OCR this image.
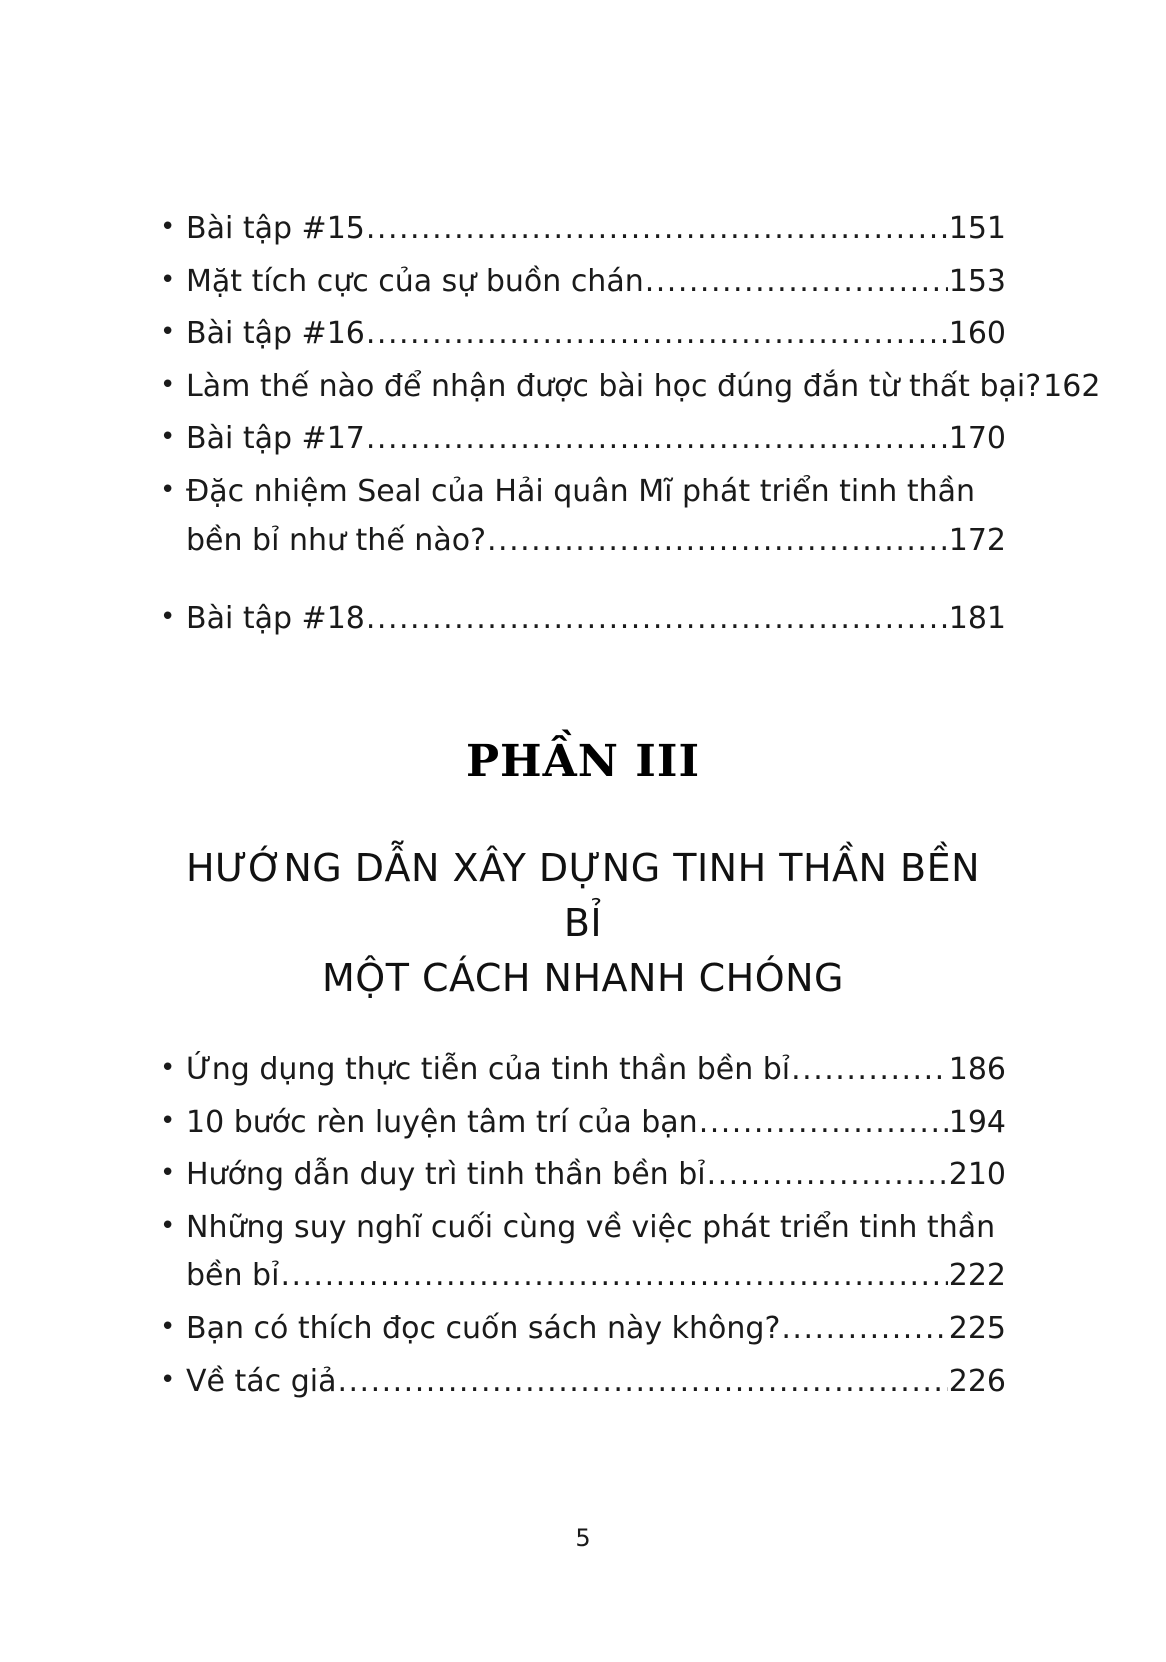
• Bài tập #15 .....	151
• Mặt tích cực của sự buồn chán .....	153
• Bài tập #16 .....	160
• Làm thế nào để nhận được bài học đúng đắn từ thất bại? 162
• Bài tập #17 .....	170
• Đặc nhiệm Seal của Hải quân Mĩ phát triển tinh thần
bền bỉ như thế nào? .....	172
• Bài tập #18 .....	181
PHẦN III
HƯỚNG DẪN XÂY DỰNG TINH THẦN BỀN BỈ
MỘT CÁCH NHANH CHÓNG
• Ứng dụng thực tiễn của tinh thần bền bỉ .....	186
• 10 bước rèn luyện tâm trí của bạn .....	194
• Hướng dẫn duy trì tinh thần bền bỉ .....	210
• Những suy nghĩ cuối cùng về việc phát triển tinh thần
bền bỉ .....	222
• Bạn có thích đọc cuốn sách này không? .....	225
• Về tác giả .....	226
5
